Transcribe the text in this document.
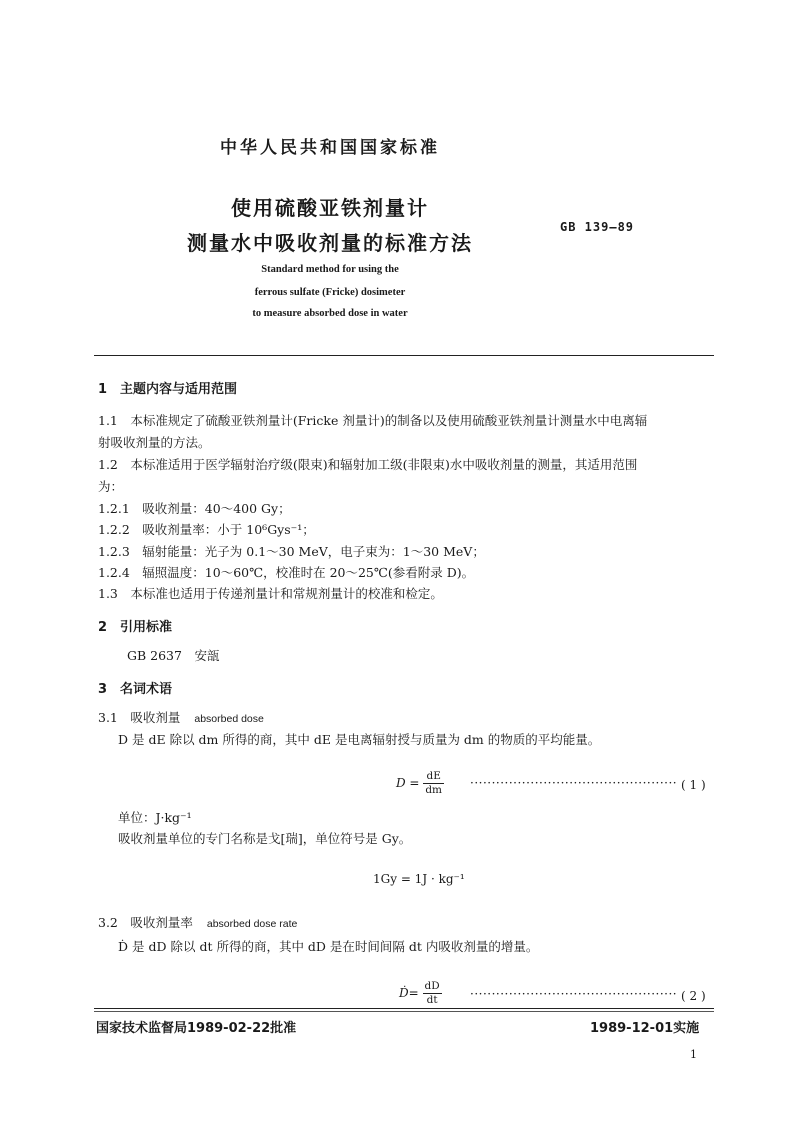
中华人民共和国国家标准
使用硫酸亚铁剂量计
测量水中吸收剂量的标准方法
GB 139—89
Standard method for using the
ferrous sulfate (Fricke) dosimeter
to measure absorbed dose in water
1　主题内容与适用范围
1.1　本标准规定了硫酸亚铁剂量计(Fricke 剂量计)的制备以及使用硫酸亚铁剂量计测量水中电离辐
射吸收剂量的方法。
1.2　本标准适用于医学辐射治疗级(限束)和辐射加工级(非限束)水中吸收剂量的测量，其适用范围
为：
1.2.1　吸收剂量：40～400 Gy；
1.2.2　吸收剂量率：小于 10⁶Gys⁻¹；
1.2.3　辐射能量：光子为 0.1～30 MeV，电子束为：1～30 MeV；
1.2.4　辐照温度：10～60℃，校准时在 20～25℃(参看附录 D)。
1.3　本标准也适用于传递剂量计和常规剂量计的校准和检定。
2　引用标准
GB 2637　安瓿
3　名词术语
3.1　吸收剂量 absorbed dose
D 是 dE 除以 dm 所得的商，其中 dE 是电离辐射授与质量为 dm 的物质的平均能量。
$D = \frac{dE}{dm}$ ················································ ( 1 )
单位：J·kg⁻¹
吸收剂量单位的专门名称是戈[瑞]，单位符号是 Gy。
1Gy = 1J · kg⁻¹
3.2　吸收剂量率 absorbed dose rate
Ḋ 是 dD 除以 dt 所得的商，其中 dD 是在时间间隔 dt 内吸收剂量的增量。
Ḋ= $\frac{dD}{dt}$ ················································ ( 2 )
国家技术监督局1989-02-22批准	1989-12-01实施
1
